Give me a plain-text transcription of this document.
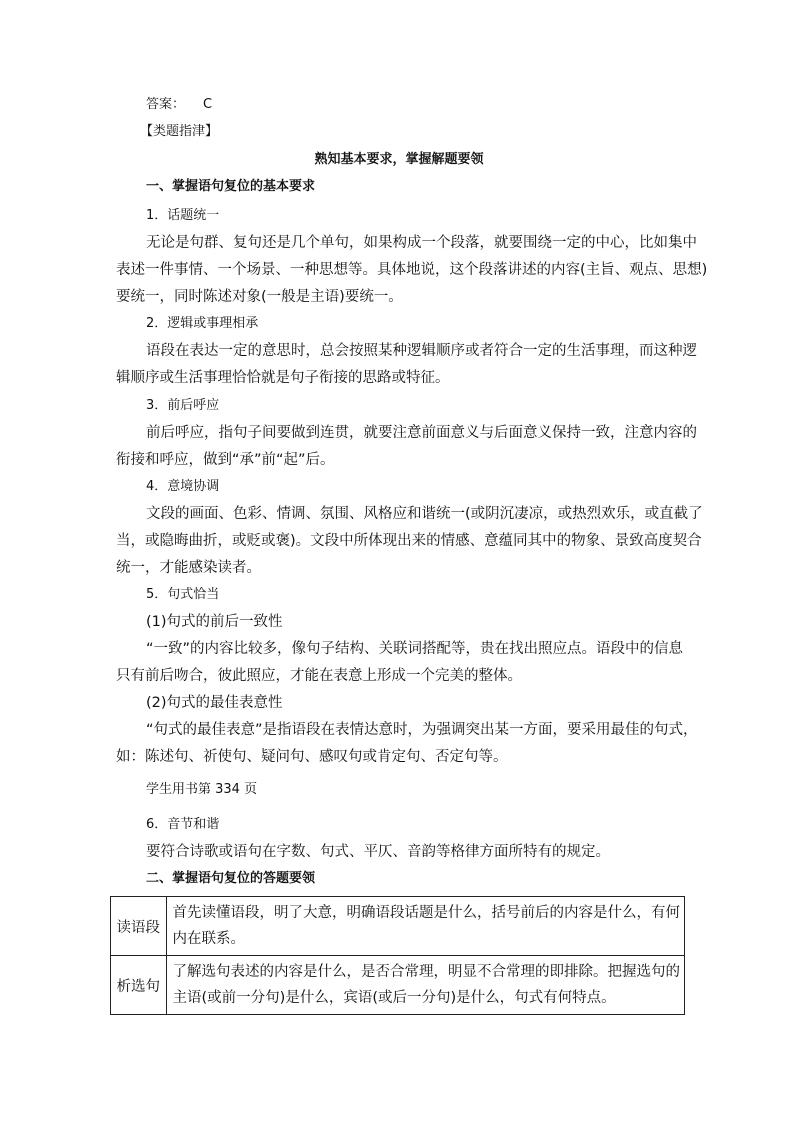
答案： C
【类题指津】
熟知基本要求，掌握解题要领
一、掌握语句复位的基本要求
1．话题统一
无论是句群、复句还是几个单句，如果构成一个段落，就要围绕一定的中心，比如集中
表述一件事情、一个场景、一种思想等。具体地说，这个段落讲述的内容(主旨、观点、思想)
要统一，同时陈述对象(一般是主语)要统一。
2．逻辑或事理相承
语段在表达一定的意思时，总会按照某种逻辑顺序或者符合一定的生活事理，而这种逻
辑顺序或生活事理恰恰就是句子衔接的思路或特征。
3．前后呼应
前后呼应，指句子间要做到连贯，就要注意前面意义与后面意义保持一致，注意内容的
衔接和呼应，做到“承”前“起”后。
4．意境协调
文段的画面、色彩、情调、氛围、风格应和谐统一(或阴沉凄凉，或热烈欢乐，或直截了
当，或隐晦曲折，或贬或褒)。文段中所体现出来的情感、意蕴同其中的物象、景致高度契合
统一，才能感染读者。
5．句式恰当
(1)句式的前后一致性
“一致”的内容比较多，像句子结构、关联词搭配等，贵在找出照应点。语段中的信息
只有前后吻合，彼此照应，才能在表意上形成一个完美的整体。
(2)句式的最佳表意性
“句式的最佳表意”是指语段在表情达意时，为强调突出某一方面，要采用最佳的句式，
如：陈述句、祈使句、疑问句、感叹句或肯定句、否定句等。
学生用书第 334 页
6．音节和谐
要符合诗歌或语句在字数、句式、平仄、音韵等格律方面所特有的规定。
二、掌握语句复位的答题要领
读语段	首先读懂语段，明了大意，明确语段话题是什么，括号前后的内容是什么，有何
内在联系。

析选句	了解选句表述的内容是什么，是否合常理，明显不合常理的即排除。把握选句的
主语(或前一分句)是什么，宾语(或后一分句)是什么，句式有何特点。
